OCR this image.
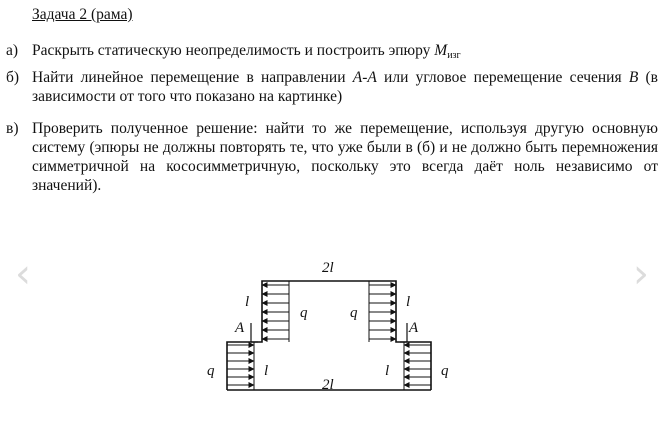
Задача 2 (рама)

а) Раскрыть статическую неопределимость и построить эпюру $M_{изг}$
б) Найти линейное перемещение в направлении A-A или угловое перемещение сечения B (в зависимости от того что показано на картинке)
в) Проверить полученное решение: найти то же перемещение, используя другую основную систему (эпюры не должны повторять те, что уже были в (б) и не должно быть перемножения симметричной на кососимметричную, поскольку это всегда даёт ноль независимо от значений).
‹	›
2l
2l
l	l
q	q
A	A
q	q
l	l
